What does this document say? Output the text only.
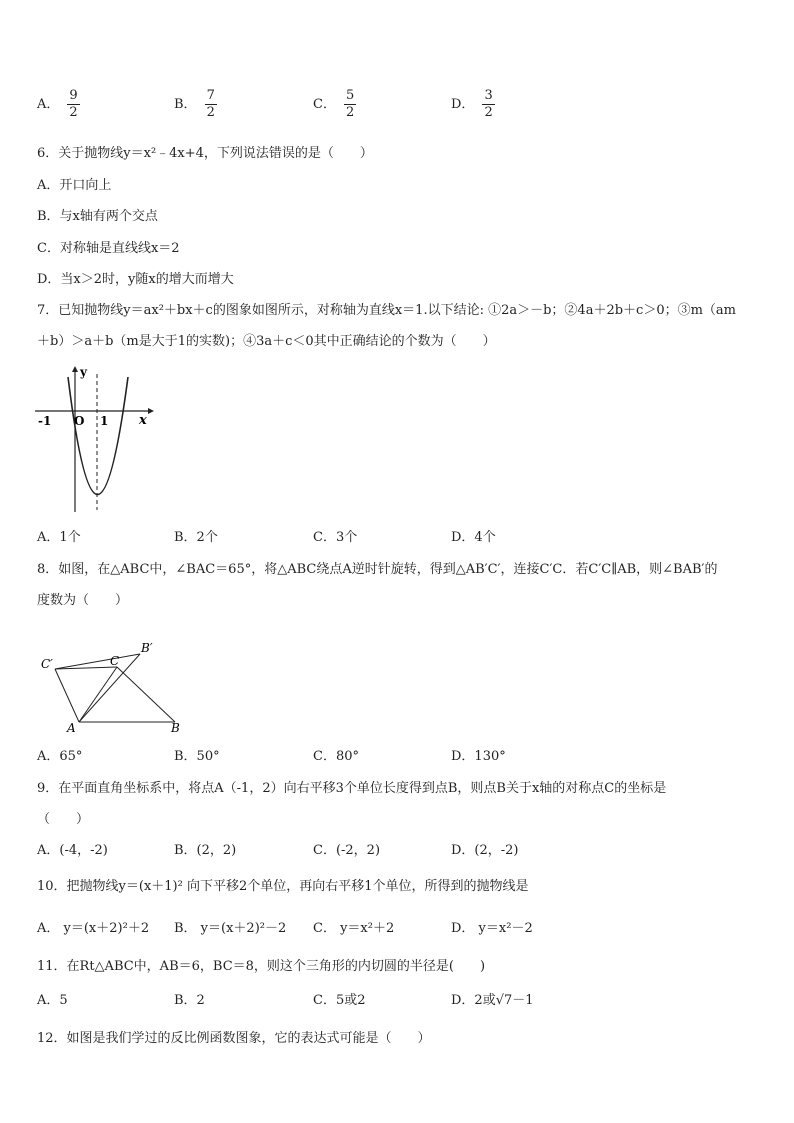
A． $\frac{9}{2}$	B． $\frac{7}{2}$	C． $\frac{5}{2}$	D． $\frac{3}{2}$
6．关于抛物线y＝x²﹣4x+4，下列说法错误的是（　　）
A．开口向上
B．与x轴有两个交点
C．对称轴是直线线x＝2
D．当x＞2时，y随x的增大而增大
7．已知抛物线y＝ax²＋bx＋c的图象如图所示，对称轴为直线x＝1.以下结论: ①2a＞－b；②4a＋2b＋c＞0；③m（am
＋b）＞a＋b（m是大于1的实数)；④3a＋c＜0其中正确结论的个数为（　　）
y
x
O
-1	1
A．1个	B．2个	C．3个	D．4个
8．如图，在△ABC中，∠BAC＝65°，将△ABC绕点A逆时针旋转，得到△AB′C′，连接C′C．若C′C∥AB，则∠BAB′的
度数为（　　）
C′	C
B′
A	B
A．65°	B．50°	C．80°	D．130°
9．在平面直角坐标系中，将点A（-1，2）向右平移3个单位长度得到点B，则点B关于x轴的对称点C的坐标是
（　　）
A．(-4，-2)	B．(2，2)	C．(-2，2)	D．(2，-2)
10．把抛物线y＝(x＋1)² 向下平移2个单位，再向右平移1个单位，所得到的抛物线是
A． y＝(x＋2)²＋2 B． y＝(x＋2)²－2 C． y＝x²＋2	D． y＝x²－2
11．在Rt△ABC中，AB＝6，BC＝8，则这个三角形的内切圆的半径是(　　)
A．5	B．2	C．5或2	D．2或√7－1
12．如图是我们学过的反比例函数图象，它的表达式可能是（　　）
